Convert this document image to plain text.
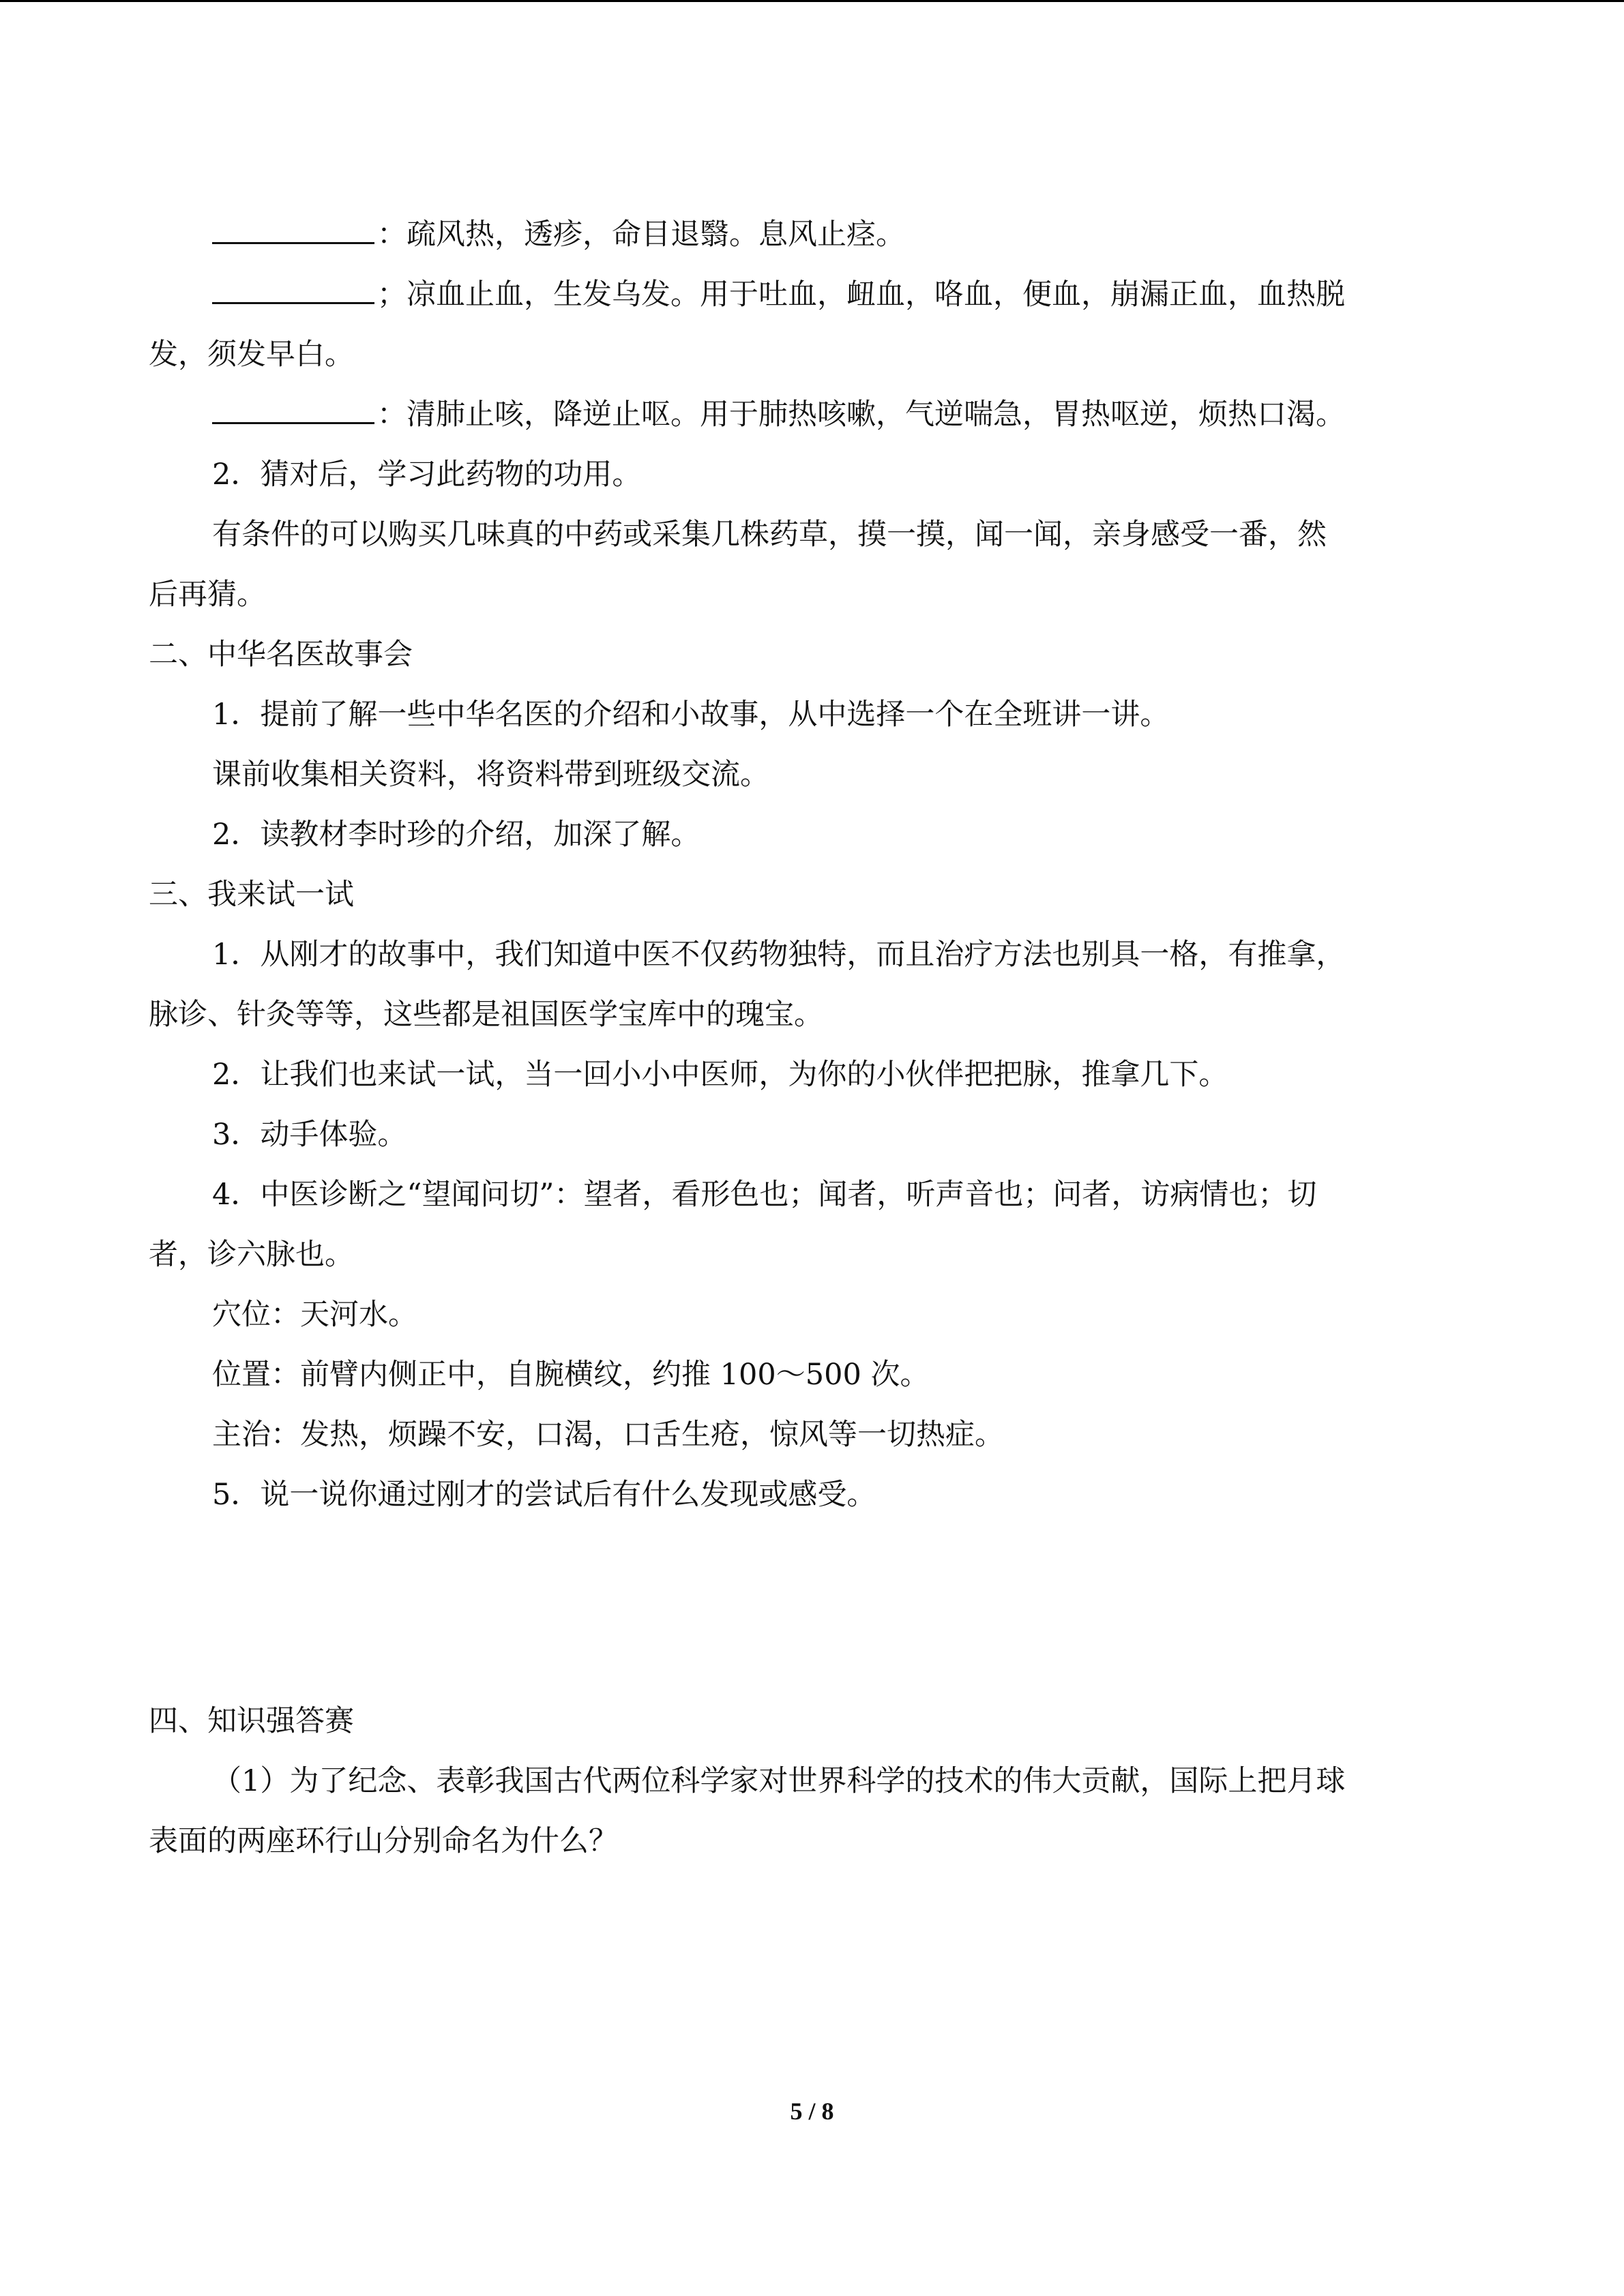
：疏风热，透疹，命目退翳。息风止痉。
；凉血止血，生发乌发。用于吐血，衄血，咯血，便血，崩漏正血，血热脱
发，须发早白。
：清肺止咳，降逆止呕。用于肺热咳嗽，气逆喘急，胃热呕逆，烦热口渴。
2．猜对后，学习此药物的功用。
有条件的可以购买几味真的中药或采集几株药草，摸一摸，闻一闻，亲身感受一番，然
后再猜。
二、中华名医故事会
1．提前了解一些中华名医的介绍和小故事，从中选择一个在全班讲一讲。
课前收集相关资料，将资料带到班级交流。
2．读教材李时珍的介绍，加深了解。
三、我来试一试
1．从刚才的故事中，我们知道中医不仅药物独特，而且治疗方法也别具一格，有推拿，
脉诊、针灸等等，这些都是祖国医学宝库中的瑰宝。
2．让我们也来试一试，当一回小小中医师，为你的小伙伴把把脉，推拿几下。
3．动手体验。
4．中医诊断之“望闻问切”：望者，看形色也；闻者，听声音也；问者，访病情也；切
者，诊六脉也。
穴位：天河水。
位置：前臂内侧正中，自腕横纹，约推 100～500 次。
主治：发热，烦躁不安，口渴，口舌生疮，惊风等一切热症。
5．说一说你通过刚才的尝试后有什么发现或感受。
四、知识强答赛
（1）为了纪念、表彰我国古代两位科学家对世界科学的技术的伟大贡献，国际上把月球
表面的两座环行山分别命名为什么？
5 / 8
